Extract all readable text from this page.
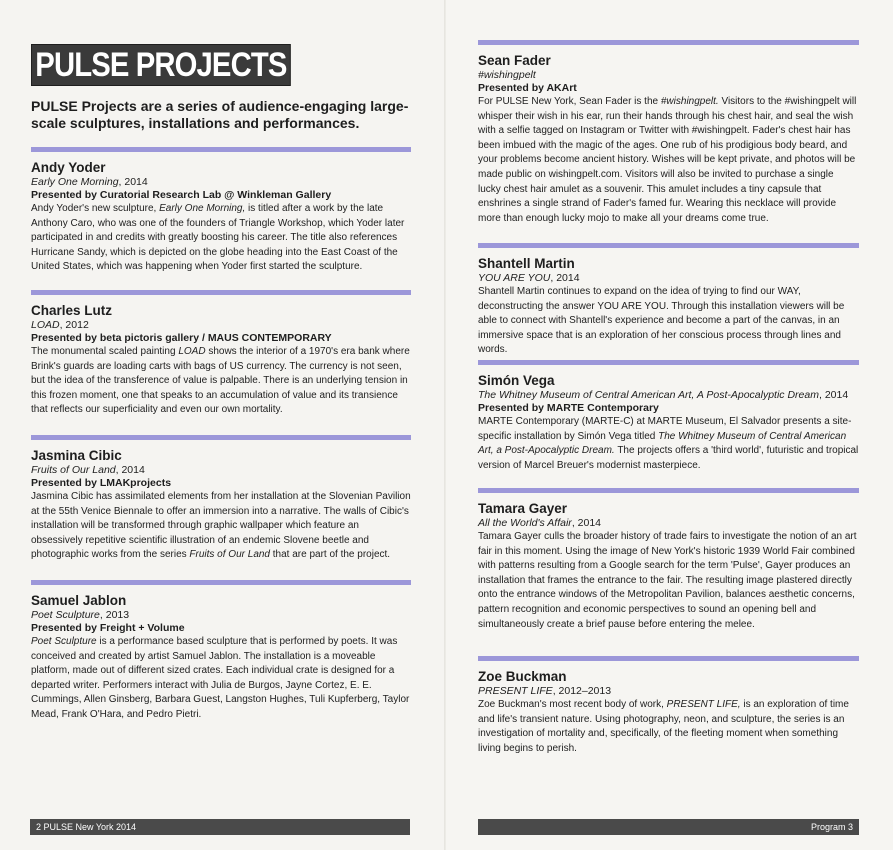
PULSE PROJECTS
PULSE Projects are a series of audience-engaging large-scale sculptures, installations and performances.
Andy Yoder
Early One Morning, 2014
Presented by Curatorial Research Lab @ Winkleman Gallery
Andy Yoder's new sculpture, Early One Morning, is titled after a work by the late Anthony Caro, who was one of the founders of Triangle Workshop, which Yoder later participated in and credits with greatly boosting his career. The title also references Hurricane Sandy, which is depicted on the globe heading into the East Coast of the United States, which was happening when Yoder first started the sculpture.
Charles Lutz
LOAD, 2012
Presented by beta pictoris gallery / MAUS CONTEMPORARY
The monumental scaled painting LOAD shows the interior of a 1970's era bank where Brink's guards are loading carts with bags of US currency. The currency is not seen, but the idea of the transference of value is palpable. There is an underlying tension in this frozen moment, one that speaks to an accumulation of value and its transience that reflects our superficiality and even our own mortality.
Jasmina Cibic
Fruits of Our Land, 2014
Presented by LMAKprojects
Jasmina Cibic has assimilated elements from her installation at the Slovenian Pavilion at the 55th Venice Biennale to offer an immersion into a narrative. The walls of Cibic's installation will be transformed through graphic wallpaper which feature an obsessively repetitive scientific illustration of an endemic Slovene beetle and photographic works from the series Fruits of Our Land that are part of the project.
Samuel Jablon
Poet Sculpture, 2013
Presented by Freight + Volume
Poet Sculpture is a performance based sculpture that is performed by poets. It was conceived and created by artist Samuel Jablon. The installation is a moveable platform, made out of different sized crates. Each individual crate is designed for a departed writer. Performers interact with Julia de Burgos, Jayne Cortez, E. E. Cummings, Allen Ginsberg, Barbara Guest, Langston Hughes, Tuli Kupferberg, Taylor Mead, Frank O'Hara, and Pedro Pietri.
2 PULSE New York 2014
Sean Fader
#wishingpelt
Presented by AKArt
For PULSE New York, Sean Fader is the #wishingpelt. Visitors to the #wishingpelt will whisper their wish in his ear, run their hands through his chest hair, and seal the wish with a selfie tagged on Instagram or Twitter with #wishingpelt. Fader's chest hair has been imbued with the magic of the ages. One rub of his prodigious body beard, and your problems become ancient history. Wishes will be kept private, and photos will be made public on wishingpelt.com. Visitors will also be invited to purchase a single lucky chest hair amulet as a souvenir. This amulet includes a tiny capsule that enshrines a single strand of Fader's famed fur. Wearing this necklace will provide more than enough lucky mojo to make all your dreams come true.
Shantell Martin
YOU ARE YOU, 2014
Shantell Martin continues to expand on the idea of trying to find our WAY, deconstructing the answer YOU ARE YOU. Through this installation viewers will be able to connect with Shantell's experience and become a part of the canvas, in an immersive space that is an exploration of her conscious process through lines and words.
Simón Vega
The Whitney Museum of Central American Art, A Post-Apocalyptic Dream, 2014
Presented by MARTE Contemporary
MARTE Contemporary (MARTE-C) at MARTE Museum, El Salvador presents a site-specific installation by Simón Vega titled The Whitney Museum of Central American Art, a Post-Apocalyptic Dream. The projects offers a 'third world', futuristic and tropical version of Marcel Breuer's modernist masterpiece.
Tamara Gayer
All the World's Affair, 2014
Tamara Gayer culls the broader history of trade fairs to investigate the notion of an art fair in this moment. Using the image of New York's historic 1939 World Fair combined with patterns resulting from a Google search for the term 'Pulse', Gayer produces an installation that frames the entrance to the fair. The resulting image plastered directly onto the entrance windows of the Metropolitan Pavilion, balances aesthetic concerns, pattern recognition and economic perspectives to sound an opening bell and simultaneously create a brief pause before entering the melee.
Zoe Buckman
PRESENT LIFE, 2012–2013
Zoe Buckman's most recent body of work, PRESENT LIFE, is an exploration of time and life's transient nature. Using photography, neon, and sculpture, the series is an investigation of mortality and, specifically, of the fleeting moment when something living begins to perish.
Program 3
